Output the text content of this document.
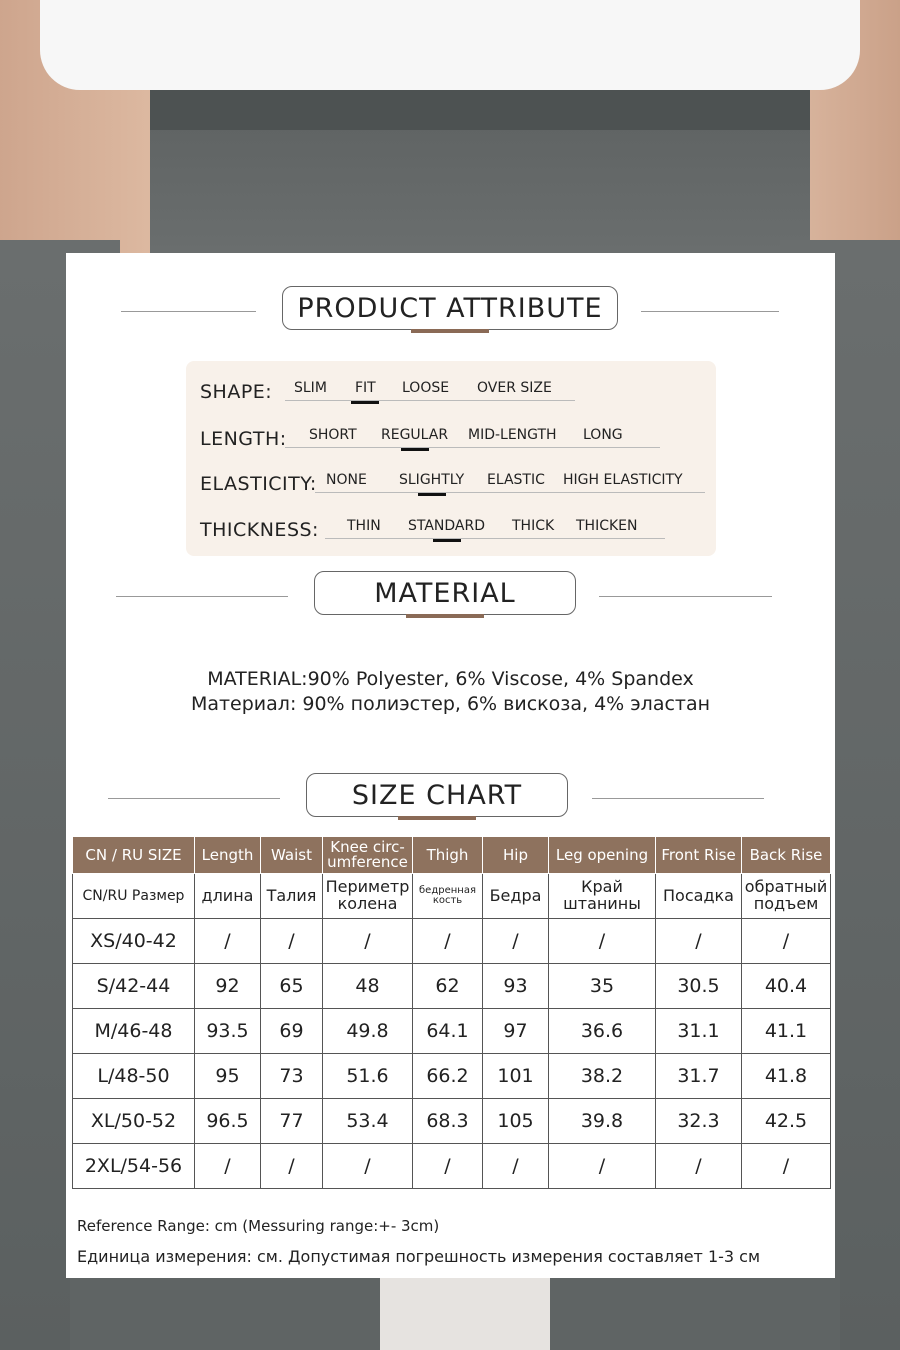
PRODUCT ATTRIBUTE
SHAPE: SLIM FIT LOOSE OVER SIZE
LENGTH: SHORT REGULAR MID-LENGTH LONG
ELASTICITY: NONE SLIGHTLY ELASTIC HIGH ELASTICITY
THICKNESS: THIN STANDARD THICK THICKEN
MATERIAL
MATERIAL:90% Polyester, 6% Viscose, 4% Spandex
Материал: 90% полиэстер, 6% вискоза, 4% эластан
SIZE CHART
CN / RU SIZE	Length	Waist	Knee circ-umference	Thigh	Hip	Leg opening	Front Rise	Back Rise
CN/RU Размер	длина	Талия	Периметр колена	бедренная кость	Бедра	Край штанины	Посадка	обратный подъем
XS/40-42	/	/	/	/	/	/	/	/
S/42-44	92	65	48	62	93	35	30.5	40.4
M/46-48	93.5	69	49.8	64.1	97	36.6	31.1	41.1
L/48-50	95	73	51.6	66.2	101	38.2	31.7	41.8
XL/50-52	96.5	77	53.4	68.3	105	39.8	32.3	42.5
2XL/54-56	/	/	/	/	/	/	/	/
Reference Range: cm (Messuring range:+- 3cm)
Единица измерения: см. Допустимая погрешность измерения составляет 1-3 см
